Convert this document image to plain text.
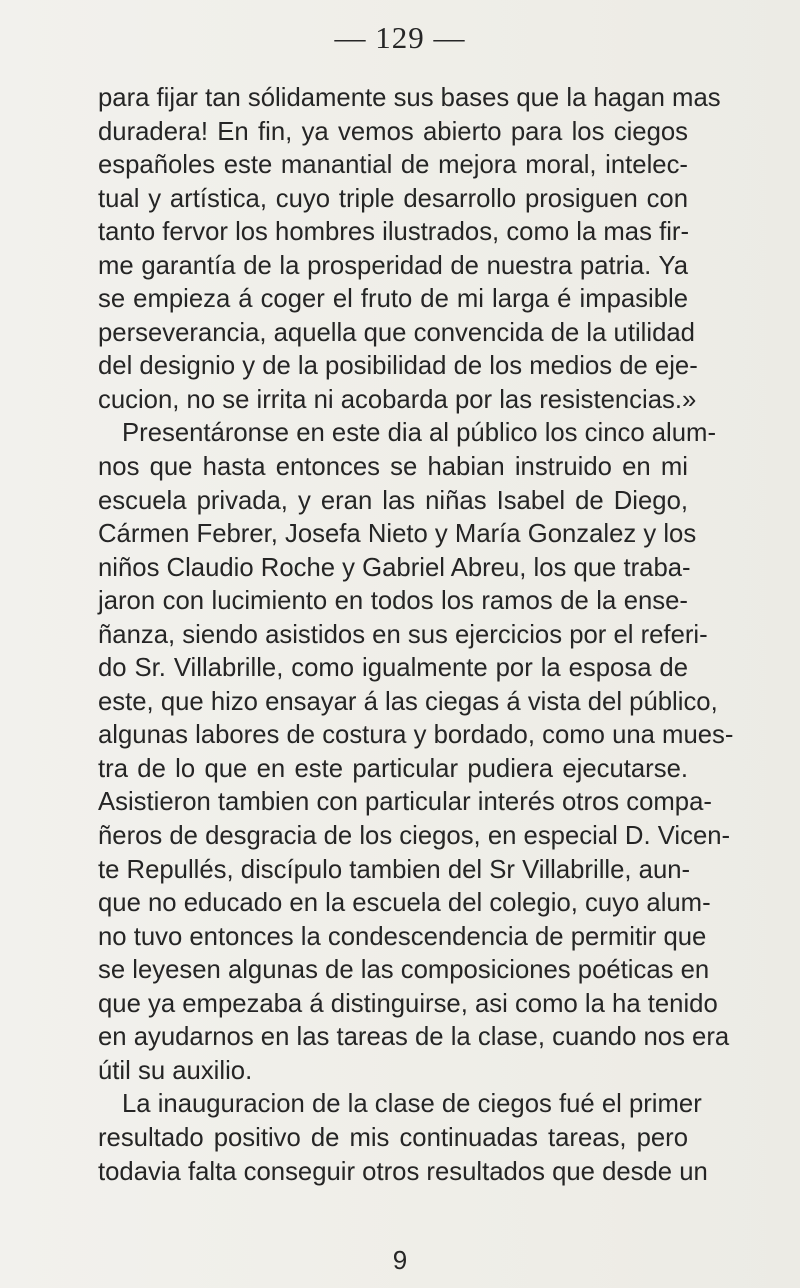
— 129 —
para fijar tan sólidamente sus bases que la hagan mas
duradera! En fin, ya vemos abierto para los ciegos
españoles este manantial de mejora moral, intelec-
tual y artística, cuyo triple desarrollo prosiguen con
tanto fervor los hombres ilustrados, como la mas fir-
me garantía de la prosperidad de nuestra patria. Ya
se empieza á coger el fruto de mi larga é impasible
perseverancia, aquella que convencida de la utilidad
del designio y de la posibilidad de los medios de eje-
cucion, no se irrita ni acobarda por las resistencias.»
Presentáronse en este dia al público los cinco alum-
nos que hasta entonces se habian instruido en mi
escuela privada, y eran las niñas Isabel de Diego,
Cármen Febrer, Josefa Nieto y María Gonzalez y los
niños Claudio Roche y Gabriel Abreu, los que traba-
jaron con lucimiento en todos los ramos de la ense-
ñanza, siendo asistidos en sus ejercicios por el referi-
do Sr. Villabrille, como igualmente por la esposa de
este, que hizo ensayar á las ciegas á vista del público,
algunas labores de costura y bordado, como una mues-
tra de lo que en este particular pudiera ejecutarse.
Asistieron tambien con particular interés otros compa-
ñeros de desgracia de los ciegos, en especial D. Vicen-
te Repullés, discípulo tambien del Sr Villabrille, aun-
que no educado en la escuela del colegio, cuyo alum-
no tuvo entonces la condescendencia de permitir que
se leyesen algunas de las composiciones poéticas en
que ya empezaba á distinguirse, asi como la ha tenido
en ayudarnos en las tareas de la clase, cuando nos era
útil su auxilio.
La inauguracion de la clase de ciegos fué el primer
resultado positivo de mis continuadas tareas, pero
todavia falta conseguir otros resultados que desde un
9
